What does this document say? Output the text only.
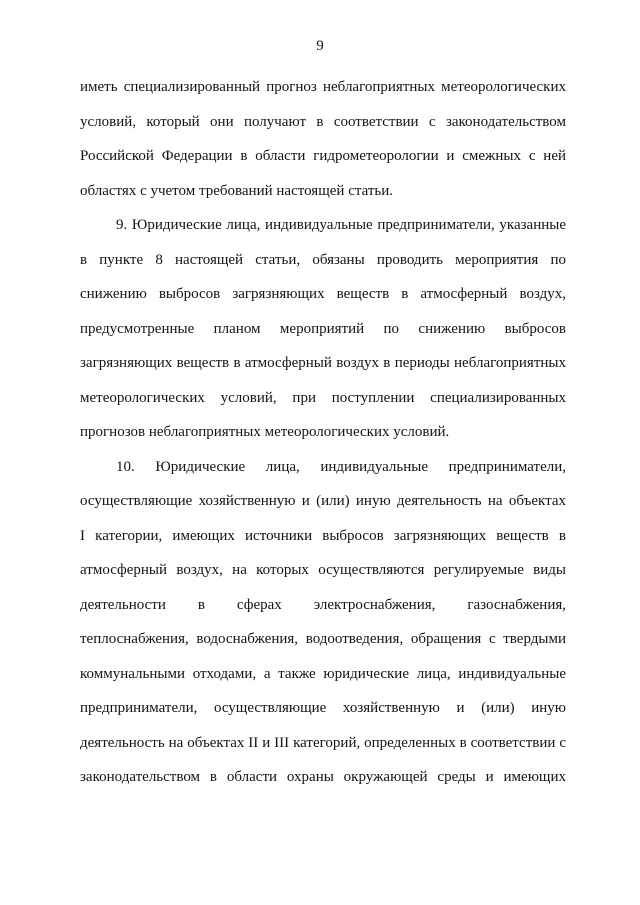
9
иметь специализированный прогноз неблагоприятных метеорологических
условий, который они получают в соответствии с законодательством
Российской Федерации в области гидрометеорологии и смежных с ней
областях с учетом требований настоящей статьи.
9. Юридические лица, индивидуальные предприниматели, указанные
в пункте 8 настоящей статьи, обязаны проводить мероприятия по
снижению выбросов загрязняющих веществ в атмосферный воздух,
предусмотренные планом мероприятий по снижению выбросов
загрязняющих веществ в атмосферный воздух в периоды неблагоприятных
метеорологических условий, при поступлении специализированных
прогнозов неблагоприятных метеорологических условий.
10. Юридические лица, индивидуальные предприниматели,
осуществляющие хозяйственную и (или) иную деятельность на объектах
I категории, имеющих источники выбросов загрязняющих веществ в
атмосферный воздух, на которых осуществляются регулируемые виды
деятельности в сферах электроснабжения, газоснабжения,
теплоснабжения, водоснабжения, водоотведения, обращения с твердыми
коммунальными отходами, а также юридические лица, индивидуальные
предприниматели, осуществляющие хозяйственную и (или) иную
деятельность на объектах II и III категорий, определенных в соответствии с
законодательством в области охраны окружающей среды и имеющих
